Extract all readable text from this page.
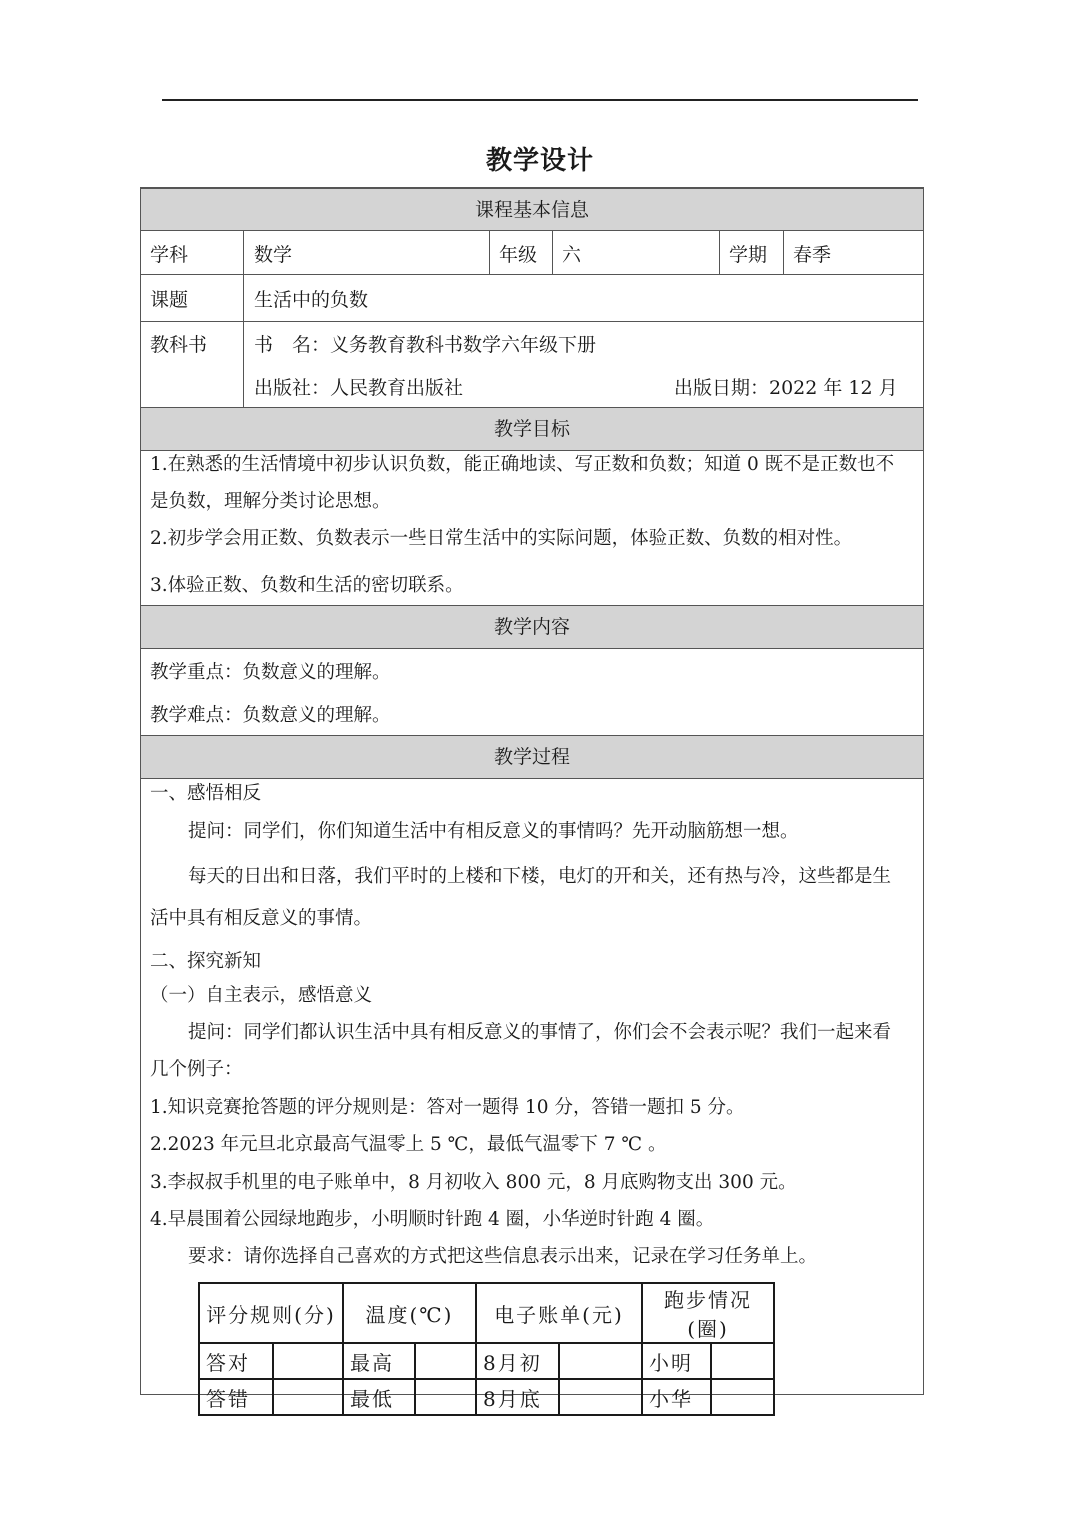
教学设计
课程基本信息
学科	数学	年级 六	学期 春季
课题	生活中的负数
教科书 书　名：义务教育教科书数学六年级下册
出版社：人民教育出版社	出版日期：2022 年 12 月
教学目标
1.在熟悉的生活情境中初步认识负数，能正确地读、写正数和负数；知道 0 既不是正数也不
是负数，理解分类讨论思想。
2.初步学会用正数、负数表示一些日常生活中的实际问题，体验正数、负数的相对性。
3.体验正数、负数和生活的密切联系。
教学内容
教学重点：负数意义的理解。
教学难点：负数意义的理解。
教学过程
一、感悟相反
提问：同学们，你们知道生活中有相反意义的事情吗？先开动脑筋想一想。
每天的日出和日落，我们平时的上楼和下楼，电灯的开和关，还有热与冷，这些都是生
活中具有相反意义的事情。
二、探究新知
（一）自主表示，感悟意义
提问：同学们都认识生活中具有相反意义的事情了，你们会不会表示呢？我们一起来看
几个例子：
1.知识竞赛抢答题的评分规则是：答对一题得 10 分，答错一题扣 5 分。
2.2023 年元旦北京最高气温零上 5 ℃，最低气温零下 7 ℃ 。
3.李叔叔手机里的电子账单中，8 月初收入 800 元，8 月底购物支出 300 元。
4.早晨围着公园绿地跑步，小明顺时针跑 4 圈，小华逆时针跑 4 圈。
要求：请你选择自己喜欢的方式把这些信息表示出来，记录在学习任务单上。
评分规则(分)		温度(℃)		电子账单(元)		跑步情况(圈)	
答对		最高		8月初		小明	
答错		最低		8月底		小华	
